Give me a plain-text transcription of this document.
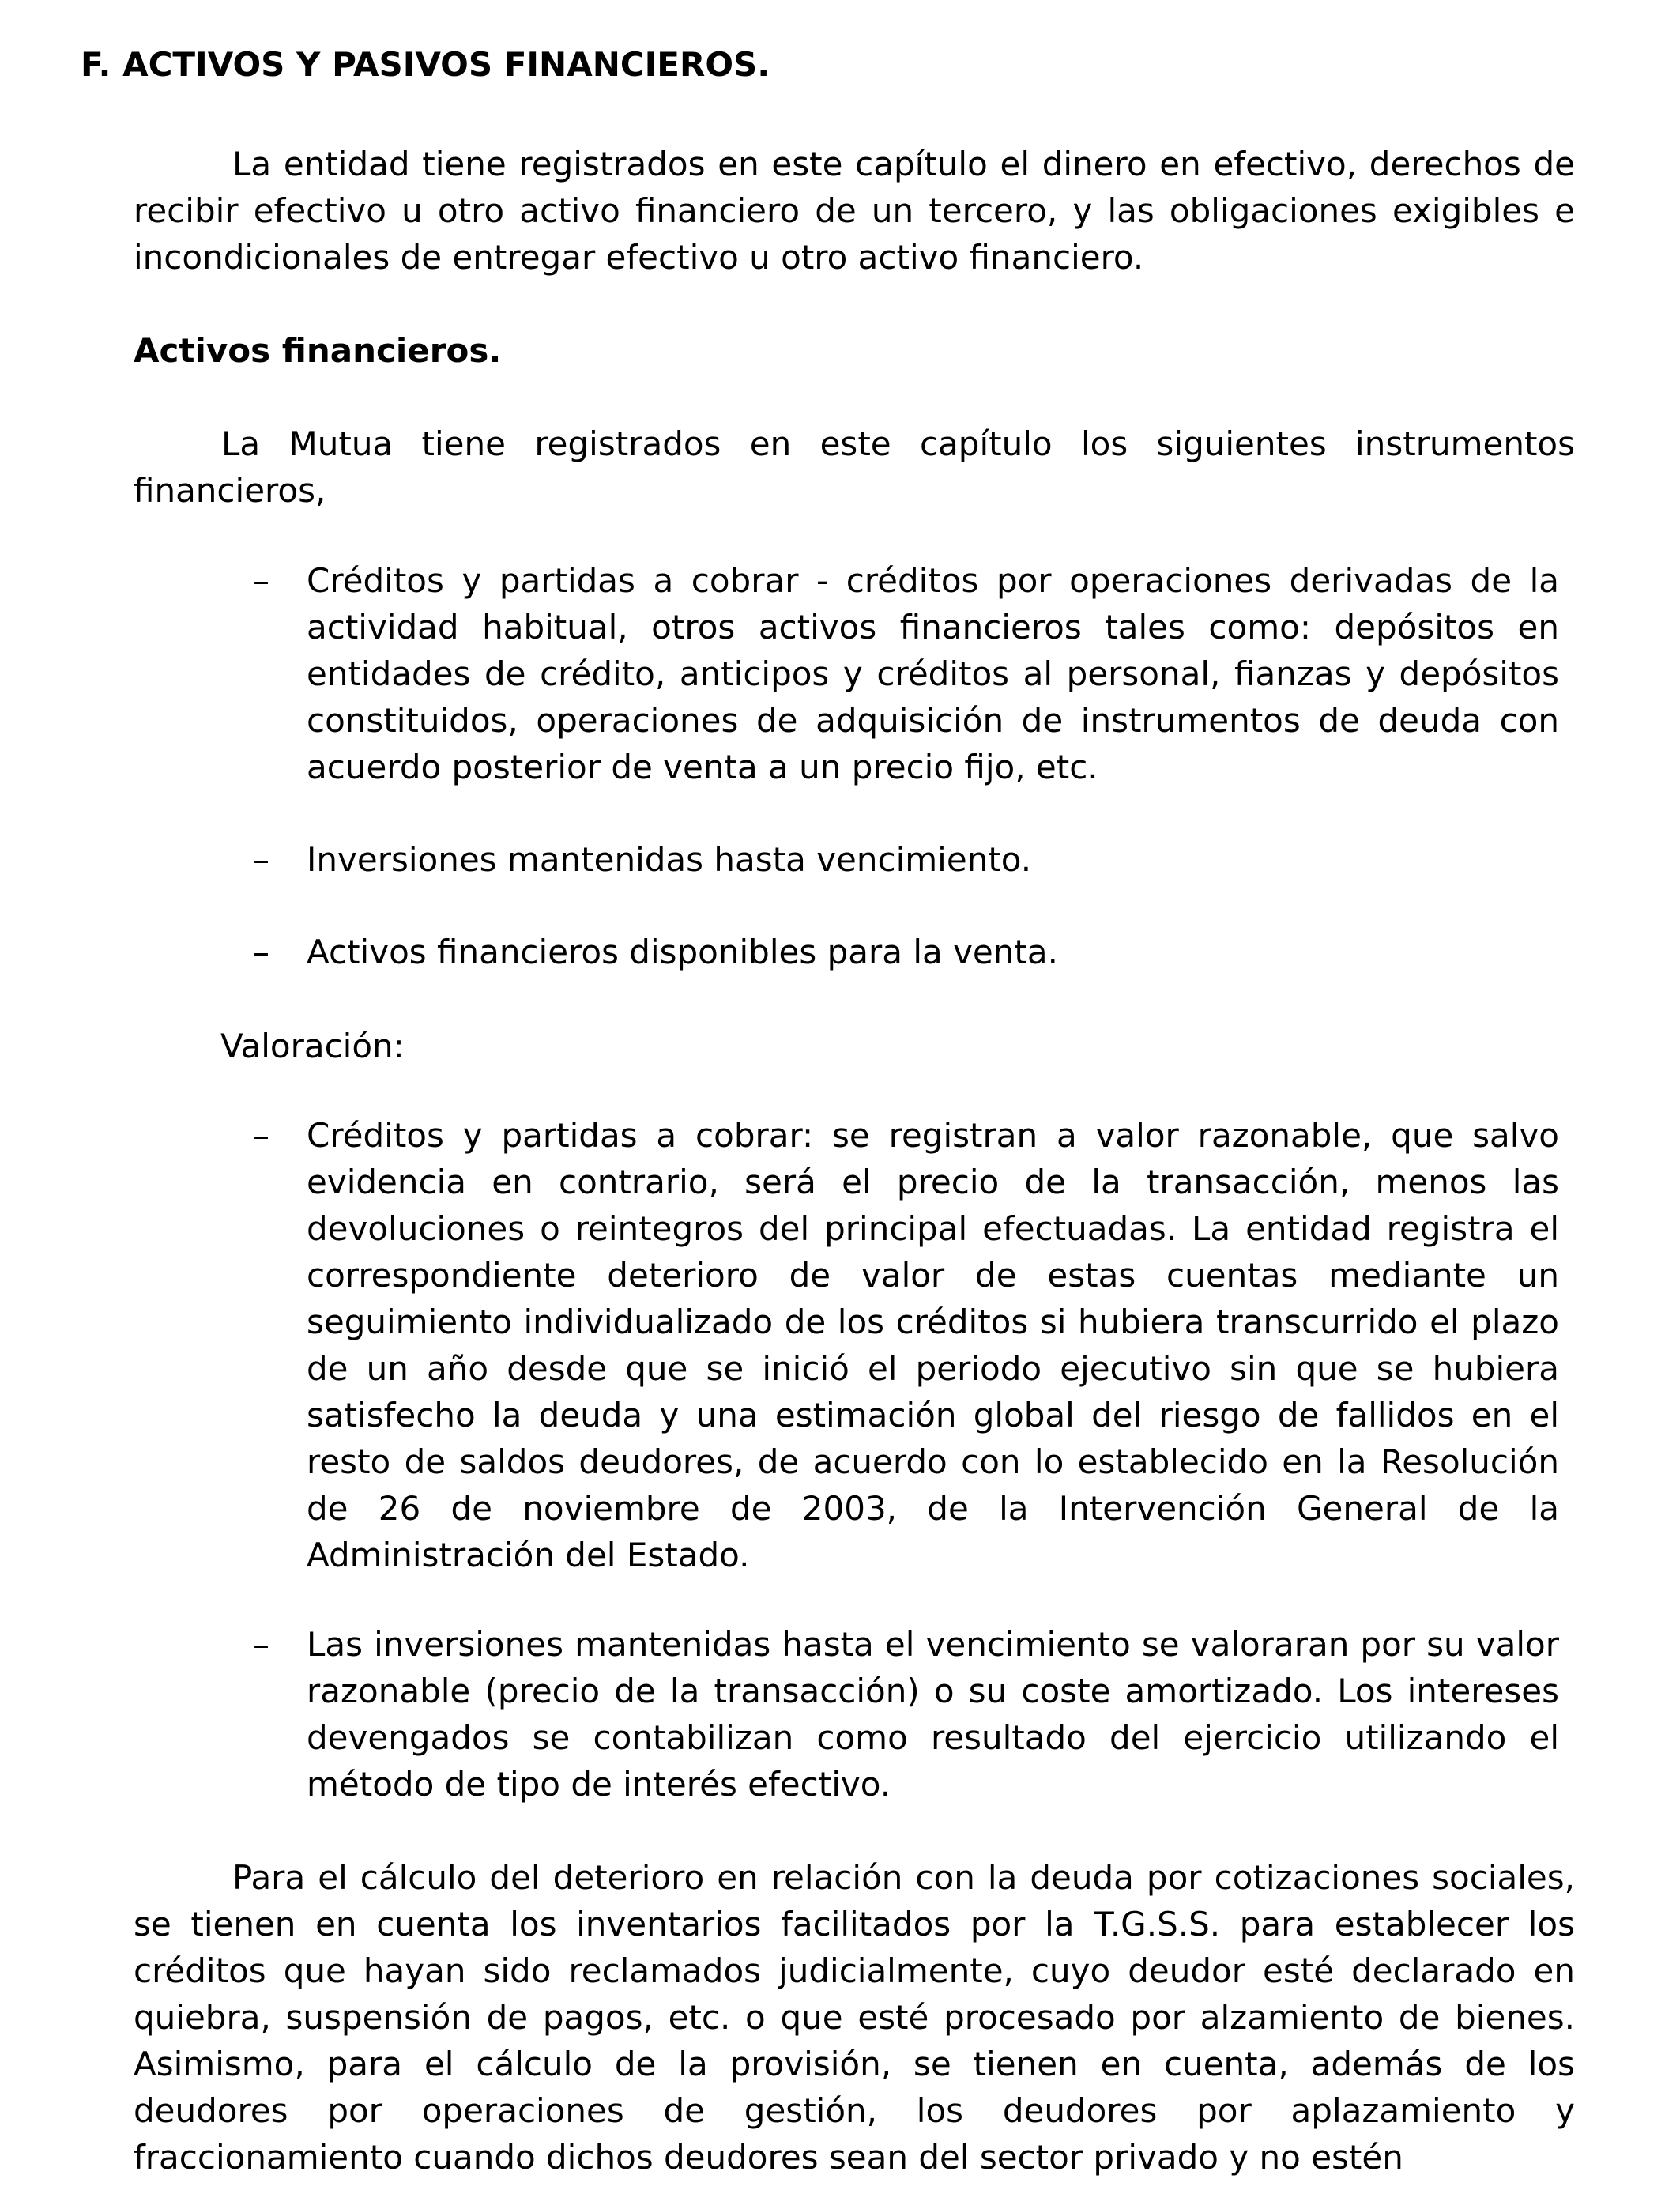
F. ACTIVOS Y PASIVOS FINANCIEROS.

La entidad tiene registrados en este capítulo el dinero en efectivo, derechos de recibir efectivo u otro activo financiero de un tercero, y las obligaciones exigibles e incondicionales de entregar efectivo u otro activo financiero.

Activos financieros.

La Mutua tiene registrados en este capítulo los siguientes instrumentos financieros,

–	Créditos y partidas a cobrar - créditos por operaciones derivadas de la actividad habitual, otros activos financieros tales como: depósitos en entidades de crédito, anticipos y créditos al personal, fianzas y depósitos constituidos, operaciones de adquisición de instrumentos de deuda con acuerdo posterior de venta a un precio fijo, etc.

–	Inversiones mantenidas hasta vencimiento.

–	Activos financieros disponibles para la venta.

Valoración:
–	Créditos y partidas a cobrar: se registran a valor razonable, que salvo evidencia en contrario, será el precio de la transacción, menos las devoluciones o reintegros del principal efectuadas. La entidad registra el correspondiente deterioro de valor de estas cuentas mediante un seguimiento individualizado de los créditos si hubiera transcurrido el plazo de un año desde que se inició el periodo ejecutivo sin que se hubiera satisfecho la deuda y una estimación global del riesgo de fallidos en el resto de saldos deudores, de acuerdo con lo establecido en la Resolución de 26 de noviembre de 2003, de la Intervención General de la Administración del Estado.

–	Las inversiones mantenidas hasta el vencimiento se valoraran por su valor razonable (precio de la transacción) o su coste amortizado. Los intereses devengados se contabilizan como resultado del ejercicio utilizando el método de tipo de interés efectivo.

Para el cálculo del deterioro en relación con la deuda por cotizaciones sociales, se tienen en cuenta los inventarios facilitados por la T.G.S.S. para establecer los créditos que hayan sido reclamados judicialmente, cuyo deudor esté declarado en quiebra, suspensión de pagos, etc. o que esté procesado por alzamiento de bienes. Asimismo, para el cálculo de la provisión, se tienen en cuenta, además de los deudores por operaciones de gestión, los deudores por aplazamiento y fraccionamiento cuando dichos deudores sean del sector privado y no estén
